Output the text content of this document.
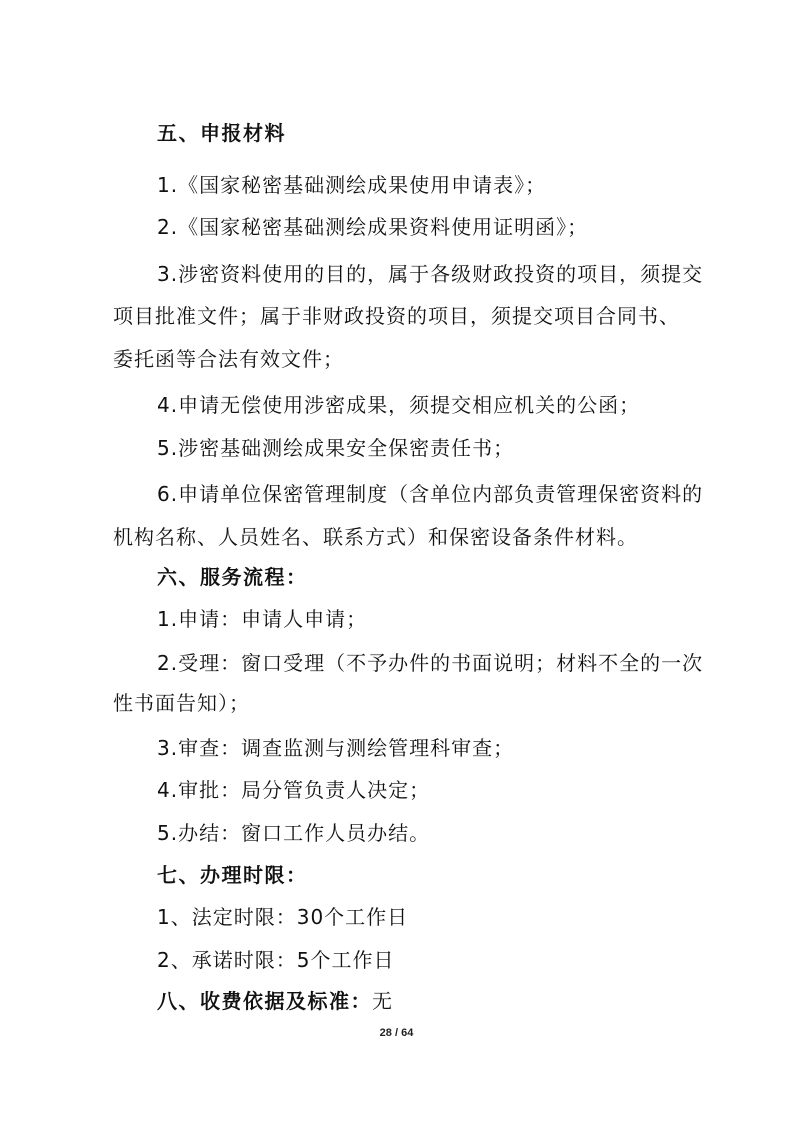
五、申报材料
1.《国家秘密基础测绘成果使用申请表》；
2.《国家秘密基础测绘成果资料使用证明函》；
3.涉密资料使用的目的，属于各级财政投资的项目，须提交
项目批准文件；属于非财政投资的项目，须提交项目合同书、
委托函等合法有效文件；
4.申请无偿使用涉密成果，须提交相应机关的公函；
5.涉密基础测绘成果安全保密责任书；
6.申请单位保密管理制度（含单位内部负责管理保密资料的
机构名称、人员姓名、联系方式）和保密设备条件材料。
六、服务流程：
1.申请：申请人申请；
2.受理：窗口受理（不予办件的书面说明；材料不全的一次
性书面告知）；
3.审查：调查监测与测绘管理科审查；
4.审批：局分管负责人决定；
5.办结：窗口工作人员办结。
七、办理时限：
1、法定时限：30个工作日
2、承诺时限：5个工作日
八、收费依据及标准：无
28 / 64
